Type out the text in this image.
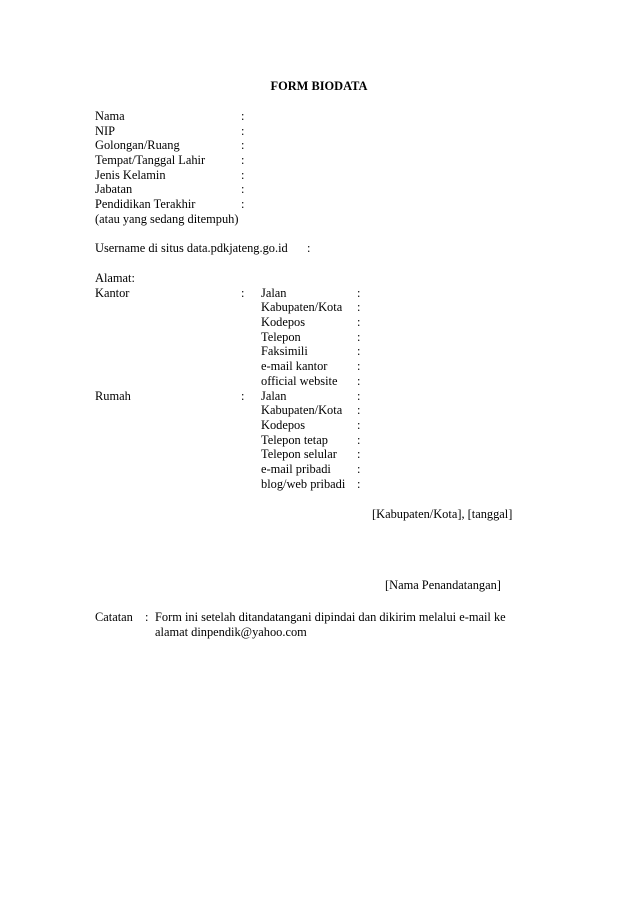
FORM BIODATA
Nama	:
NIP	:
Golongan/Ruang	:
Tempat/Tanggal Lahir	:
Jenis Kelamin	:
Jabatan	:
Pendidikan Terakhir	:
(atau yang sedang ditempuh)
Username di situs data.pdkjateng.go.id :
Alamat:
Kantor	: Jalan	:
Kabupaten/Kota :
Kodepos	:
Telepon	:
Faksimili	:
e-mail kantor :
official website :
Rumah	: Jalan	:
Kabupaten/Kota :
Kodepos	:
Telepon tetap :
Telepon selular :
e-mail pribadi :
blog/web pribadi :
[Kabupaten/Kota], [tanggal]
[Nama Penandatangan]
Catatan : Form ini setelah ditandatangani dipindai dan dikirim melalui e-mail ke
alamat dinpendik@yahoo.com
